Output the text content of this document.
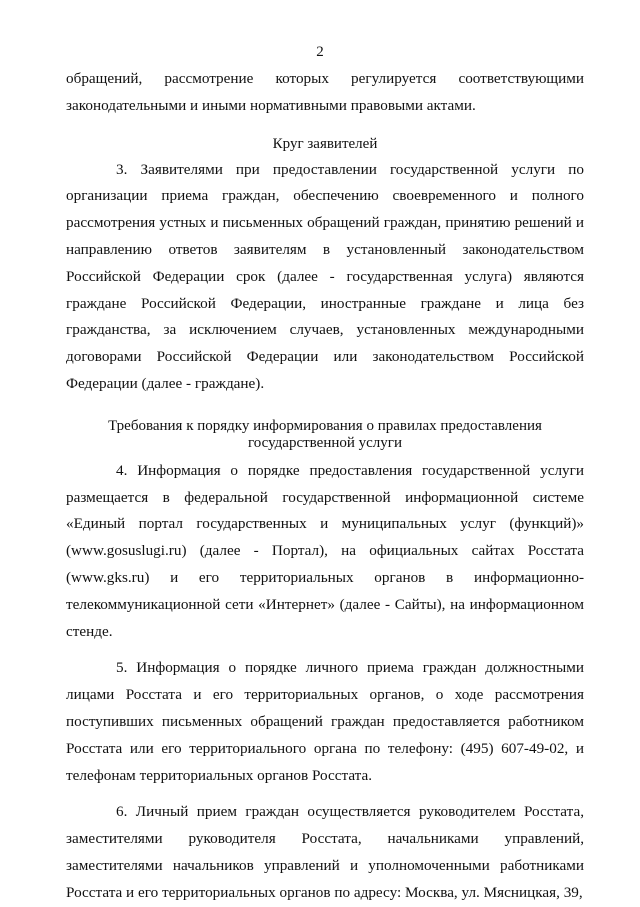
2

обращений, рассмотрение которых регулируется соответствующими законодательными и иными нормативными правовыми актами.

Круг заявителей

3. Заявителями при предоставлении государственной услуги по организации приема граждан, обеспечению своевременного и полного рассмотрения устных и письменных обращений граждан, принятию решений и направлению ответов заявителям в установленный законодательством Российской Федерации срок (далее - государственная услуга) являются граждане Российской Федерации, иностранные граждане и лица без гражданства, за исключением случаев, установленных международными договорами Российской Федерации или законодательством Российской Федерации (далее - граждане).

Требования к порядку информирования о правилах предоставления государственной услуги

4. Информация о порядке предоставления государственной услуги размещается в федеральной государственной информационной системе «Единый портал государственных и муниципальных услуг (функций)» (www.gosuslugi.ru) (далее - Портал), на официальных сайтах Росстата (www.gks.ru) и его территориальных органов в информационно-телекоммуникационной сети «Интернет» (далее - Сайты), на информационном стенде.

5. Информация о порядке личного приема граждан должностными лицами Росстата и его территориальных органов, о ходе рассмотрения поступивших письменных обращений граждан предоставляется работником Росстата или его территориального органа по телефону: (495) 607-49-02, и телефонам территориальных органов Росстата.

6. Личный прием граждан осуществляется руководителем Росстата, заместителями руководителя Росстата, начальниками управлений, заместителями начальников управлений и уполномоченными работниками Росстата и его территориальных органов по адресу: Москва, ул. Мясницкая, 39,
